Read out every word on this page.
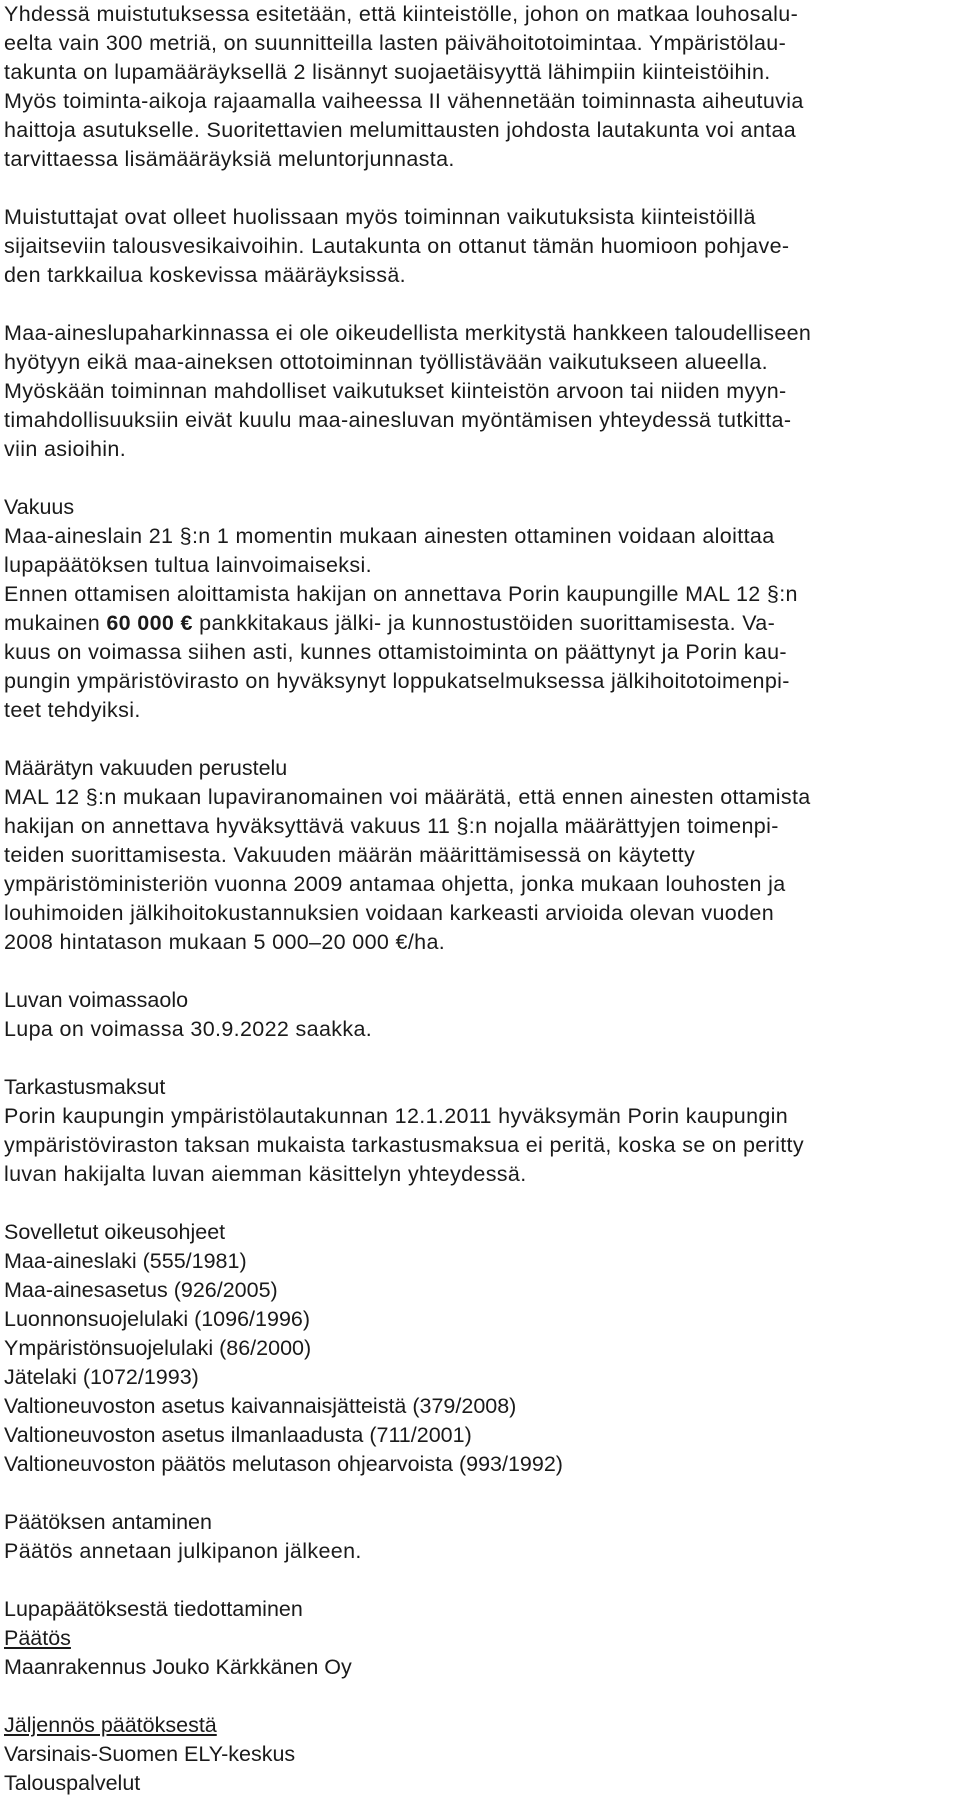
Yhdessä muistutuksessa esitetään, että kiinteistölle, johon on matkaa louhosalu-
eelta vain 300 metriä, on suunnitteilla lasten päivähoitotoimintaa. Ympäristölau-
takunta on lupamääräyksellä 2 lisännyt suojaetäisyyttä lähimpiin kiinteistöihin.
Myös toiminta-aikoja rajaamalla vaiheessa II vähennetään toiminnasta aiheutuvia
haittoja asutukselle. Suoritettavien melumittausten johdosta lautakunta voi antaa
tarvittaessa lisämääräyksiä meluntorjunnasta.

Muistuttajat ovat olleet huolissaan myös toiminnan vaikutuksista kiinteistöillä
sijaitseviin talousvesikaivoihin. Lautakunta on ottanut tämän huomioon pohjave-
den tarkkailua koskevissa määräyksissä.

Maa-aineslupaharkinnassa ei ole oikeudellista merkitystä hankkeen taloudelliseen
hyötyyn eikä maa-aineksen ottotoiminnan työllistävään vaikutukseen alueella.
Myöskään toiminnan mahdolliset vaikutukset kiinteistön arvoon tai niiden myyn-
timahdollisuuksiin eivät kuulu maa-ainesluvan myöntämisen yhteydessä tutkitta-
viin asioihin.

Vakuus

Maa-aineslain 21 §:n 1 momentin mukaan ainesten ottaminen voidaan aloittaa
lupapäätöksen tultua lainvoimaiseksi.
Ennen ottamisen aloittamista hakijan on annettava Porin kaupungille MAL 12 §:n
mukainen 60 000 € pankkitakaus jälki- ja kunnostustöiden suorittamisesta. Va-
kuus on voimassa siihen asti, kunnes ottamistoiminta on päättynyt ja Porin kau-
pungin ympäristövirasto on hyväksynyt loppukatselmuksessa jälkihoitotoimenpi-
teet tehdyiksi.

Määrätyn vakuuden perustelu

MAL 12 §:n mukaan lupaviranomainen voi määrätä, että ennen ainesten ottamista
hakijan on annettava hyväksyttävä vakuus 11 §:n nojalla määrättyjen toimenpi-
teiden suorittamisesta. Vakuuden määrän määrittämisessä on käytetty
ympäristöministeriön vuonna 2009 antamaa ohjetta, jonka mukaan louhosten ja
louhimoiden jälkihoitokustannuksien voidaan karkeasti arvioida olevan vuoden
2008 hintatason mukaan 5 000–20 000 €/ha.

Luvan voimassaolo

Lupa on voimassa 30.9.2022 saakka.

Tarkastusmaksut

Porin kaupungin ympäristölautakunnan 12.1.2011 hyväksymän Porin kaupungin
ympäristöviraston taksan mukaista tarkastusmaksua ei peritä, koska se on peritty
luvan hakijalta luvan aiemman käsittelyn yhteydessä.

Sovelletut oikeusohjeet

Maa-aineslaki (555/1981)
Maa-ainesasetus (926/2005)
Luonnonsuojelulaki (1096/1996)
Ympäristönsuojelulaki (86/2000)
Jätelaki (1072/1993)
Valtioneuvoston asetus kaivannaisjätteistä (379/2008)
Valtioneuvoston asetus ilmanlaadusta (711/2001)
Valtioneuvoston päätös melutason ohjearvoista (993/1992)

Päätöksen antaminen

Päätös annetaan julkipanon jälkeen.

Lupapäätöksestä tiedottaminen

Päätös
Maanrakennus Jouko Kärkkänen Oy
Jäljennös päätöksestä
Varsinais-Suomen ELY-keskus
Talouspalvelut
